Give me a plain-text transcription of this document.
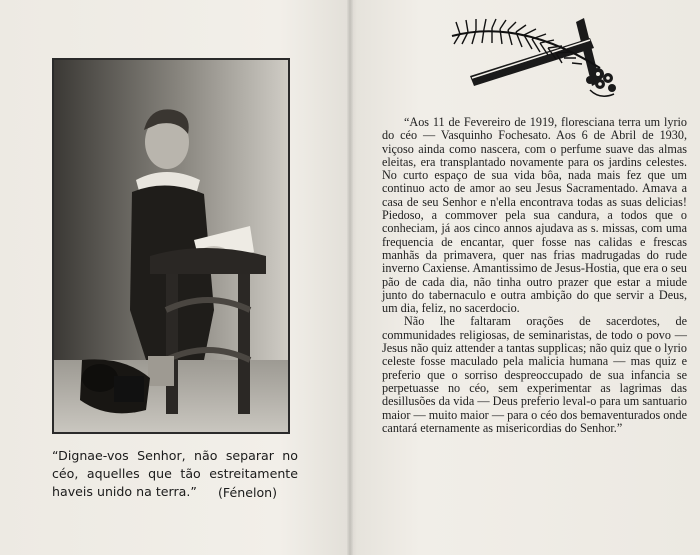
“Dignae-vos Senhor, não separar no céo, aquelles que tão estreitamente haveis unido na terra.”	(Fénelon)

“Aos 11 de Fevereiro de 1919, floresciana terra um lyrio do céo — Vasquinho Fochesato. Aos 6 de Abril de 1930, viçoso ainda como nascera, com o perfume suave das almas eleitas, era transplantado novamente para os jardins celestes. No curto espaço de sua vida bôa, nada mais fez que um continuo acto de amor ao seu Jesus Sacramentado. Amava a casa de seu Senhor e n'ella encontrava todas as suas delicias! Piedoso, a commover pela sua candura, a todos que o conheciam, já aos cinco annos ajudava as s. missas, com uma frequencia de encantar, quer fosse nas calidas e frescas manhãs da primavera, quer nas frias madrugadas do rude inverno Caxiense. Amantissimo de Jesus-Hostia, que era o seu pão de cada dia, não tinha outro prazer que estar a miude junto do tabernaculo e outra ambição do que servir a Deus, um dia, feliz, no sacerdocio.

Não lhe faltaram orações de sacerdotes, de communidades religiosas, de seminaristas, de todo o povo — Jesus não quiz attender a tantas supplicas; não quiz que o lyrio celeste fosse maculado pela malicia humana — mas quiz e preferio que o sorriso despreoccupado de sua infancia se perpetuasse no céo, sem experimentar as lagrimas das desillusões da vida — Deus preferio leval-o para um santuario maior — muito maior — para o céo dos bemaventurados onde cantará eternamente as misericordias do Senhor.”
